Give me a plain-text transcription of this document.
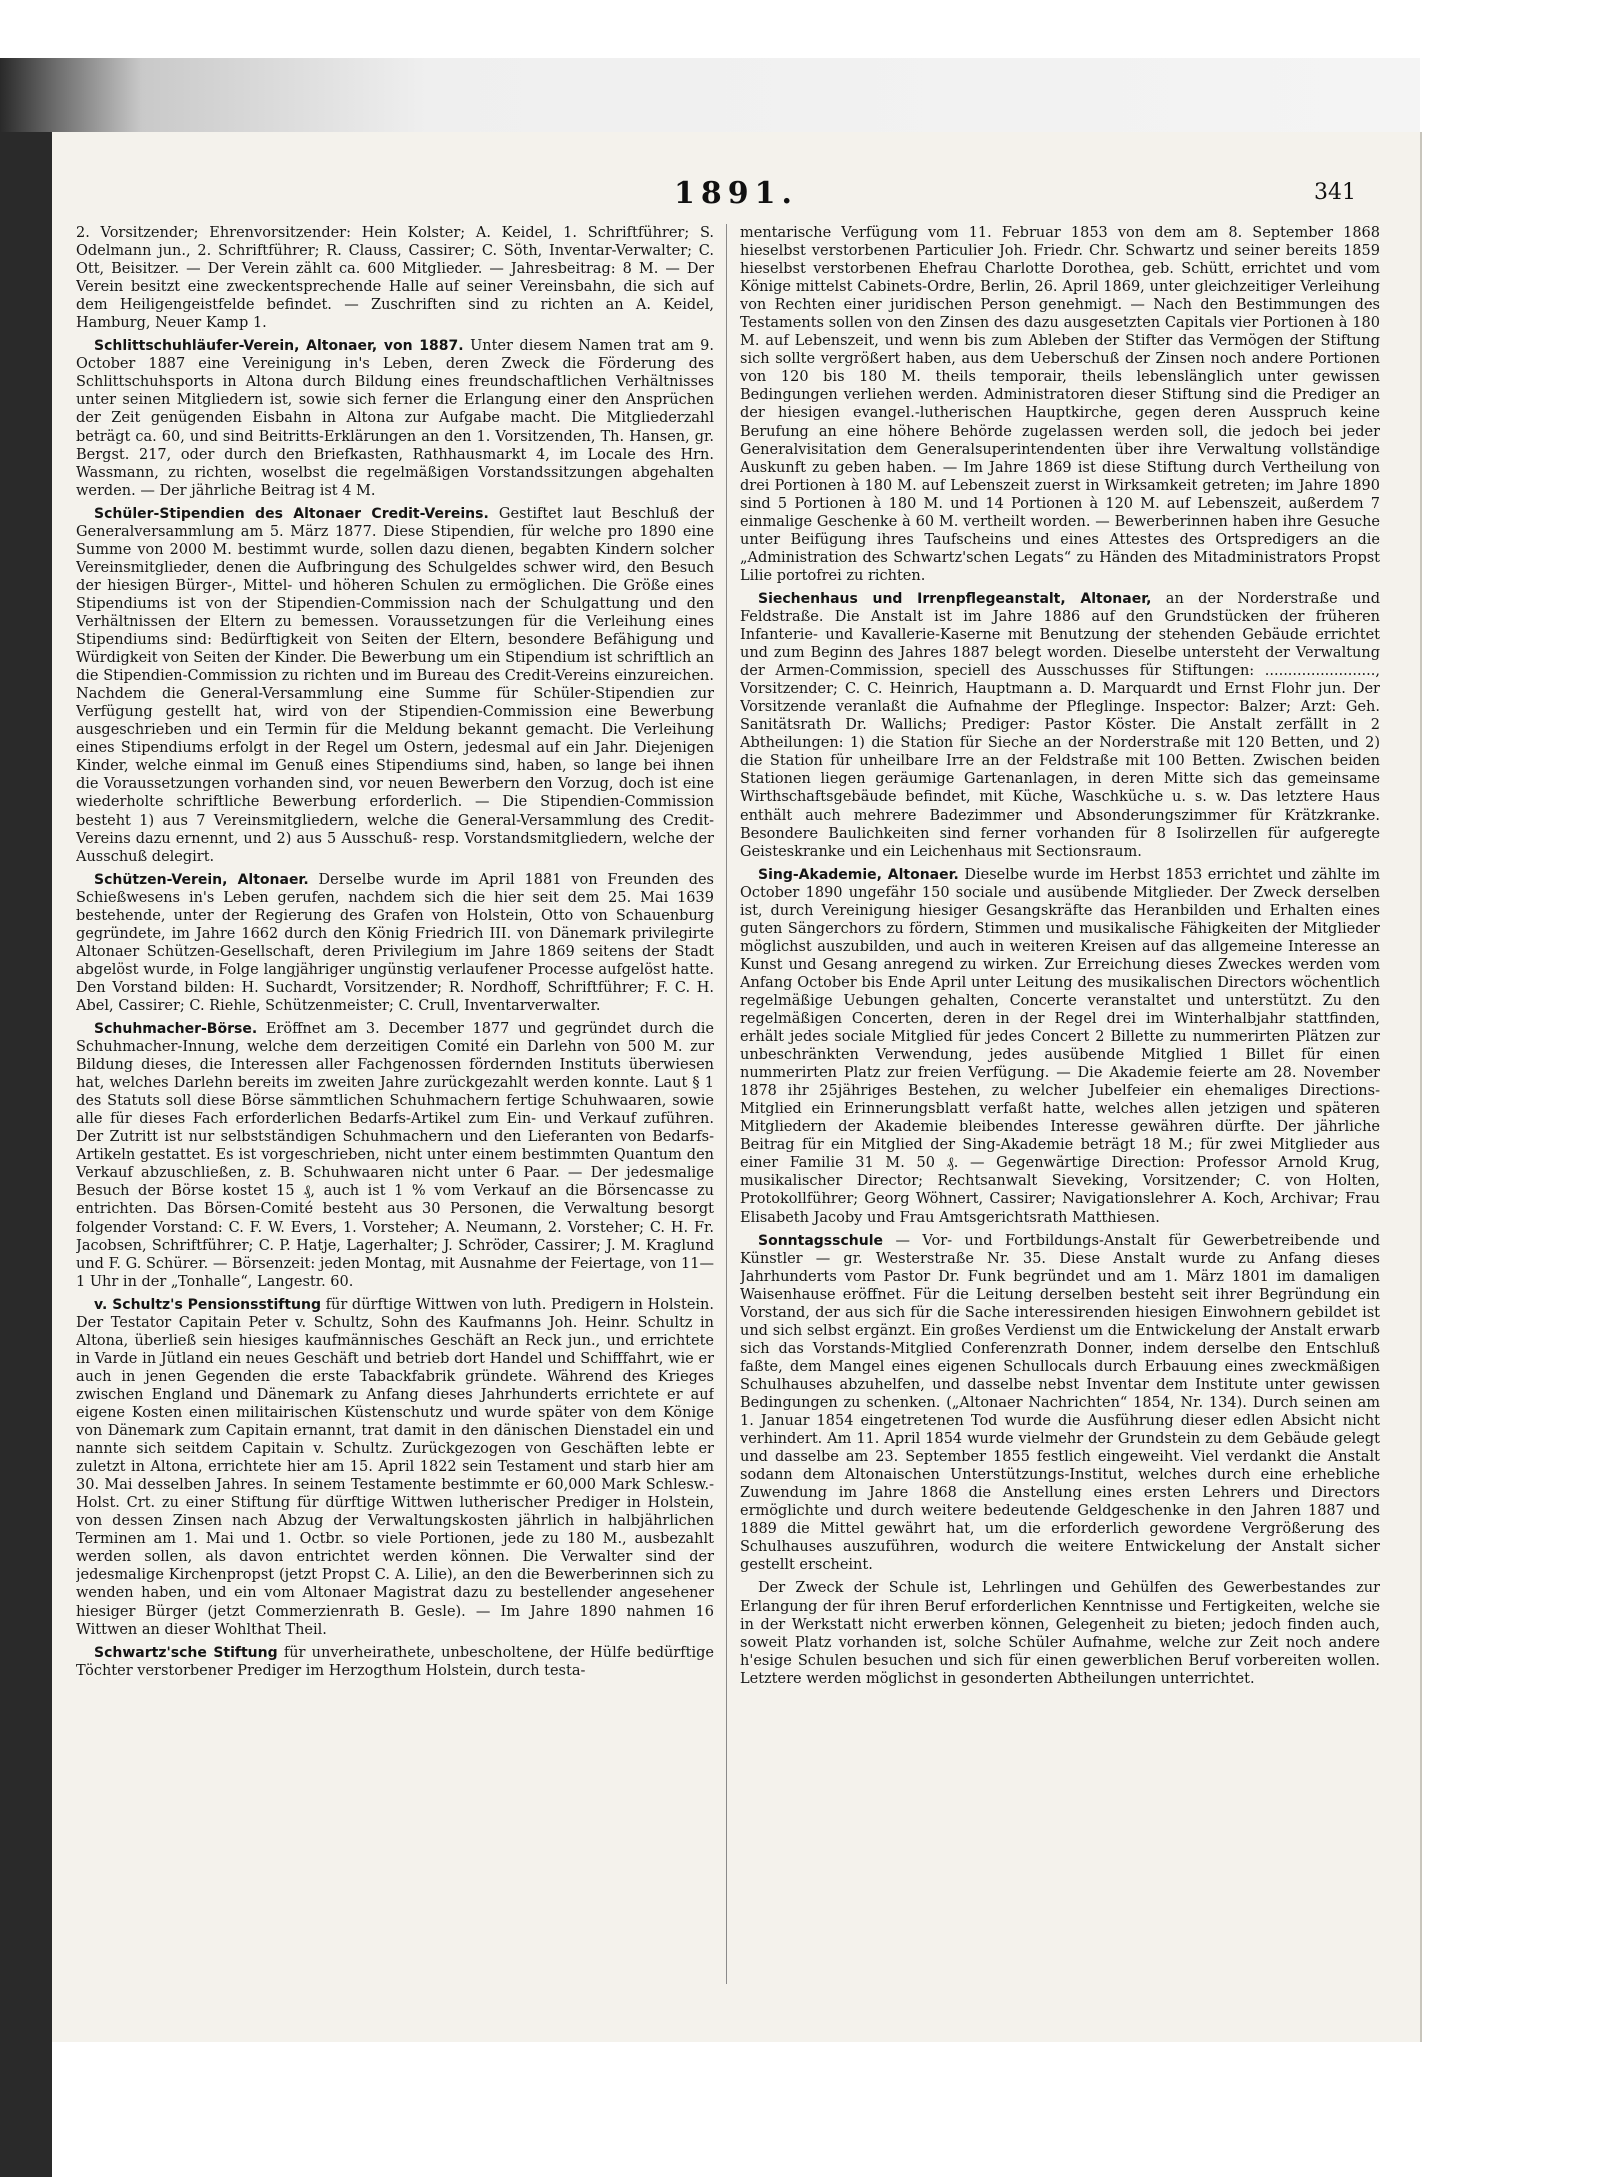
1891.	341

2. Vorsitzender; Ehrenvorsitzender: Hein Kolster; A. Keidel, 1. Schriftführer; S. Odelmann jun., 2. Schriftführer; R. Clauss, Cassirer; C. Söth, Inventar-Verwalter; C. Ott, Beisitzer. — Der Verein zählt ca. 600 Mitglieder. — Jahresbeitrag: 8 M. — Der Verein besitzt eine zweckentsprechende Halle auf seiner Vereinsbahn, die sich auf dem Heiligengeistfelde befindet. — Zuschriften sind zu richten an A. Keidel, Hamburg, Neuer Kamp 1.

Schlittschuhläufer-Verein, Altonaer, von 1887. Unter diesem Namen trat am 9. October 1887 eine Vereinigung in's Leben, deren Zweck die Förderung des Schlittschuhsports in Altona durch Bildung eines freundschaftlichen Verhältnisses unter seinen Mitgliedern ist, sowie sich ferner die Erlangung einer den Ansprüchen der Zeit genügenden Eisbahn in Altona zur Aufgabe macht. Die Mitgliederzahl beträgt ca. 60, und sind Beitritts-Erklärungen an den 1. Vorsitzenden, Th. Hansen, gr. Bergst. 217, oder durch den Briefkasten, Rathhausmarkt 4, im Locale des Hrn. Wassmann, zu richten, woselbst die regelmäßigen Vorstandssitzungen abgehalten werden. — Der jährliche Beitrag ist 4 M.

Schüler-Stipendien des Altonaer Credit-Vereins. Gestiftet laut Beschluß der Generalversammlung am 5. März 1877. Diese Stipendien, für welche pro 1890 eine Summe von 2000 M. bestimmt wurde, sollen dazu dienen, begabten Kindern solcher Vereinsmitglieder, denen die Aufbringung des Schulgeldes schwer wird, den Besuch der hiesigen Bürger-, Mittel- und höheren Schulen zu ermöglichen. Die Größe eines Stipendiums ist von der Stipendien-Commission nach der Schulgattung und den Verhältnissen der Eltern zu bemessen. Voraussetzungen für die Verleihung eines Stipendiums sind: Bedürftigkeit von Seiten der Eltern, besondere Befähigung und Würdigkeit von Seiten der Kinder. Die Bewerbung um ein Stipendium ist schriftlich an die Stipendien-Commission zu richten und im Bureau des Credit-Vereins einzureichen. Nachdem die General-Versammlung eine Summe für Schüler-Stipendien zur Verfügung gestellt hat, wird von der Stipendien-Commission eine Bewerbung ausgeschrieben und ein Termin für die Meldung bekannt gemacht. Die Verleihung eines Stipendiums erfolgt in der Regel um Ostern, jedesmal auf ein Jahr. Diejenigen Kinder, welche einmal im Genuß eines Stipendiums sind, haben, so lange bei ihnen die Voraussetzungen vorhanden sind, vor neuen Bewerbern den Vorzug, doch ist eine wiederholte schriftliche Bewerbung erforderlich. — Die Stipendien-Commission besteht 1) aus 7 Vereinsmitgliedern, welche die General-Versammlung des Credit-Vereins dazu ernennt, und 2) aus 5 Ausschuß- resp. Vorstandsmitgliedern, welche der Ausschuß delegirt.

Schützen-Verein, Altonaer. Derselbe wurde im April 1881 von Freunden des Schießwesens in's Leben gerufen, nachdem sich die hier seit dem 25. Mai 1639 bestehende, unter der Regierung des Grafen von Holstein, Otto von Schauenburg gegründete, im Jahre 1662 durch den König Friedrich III. von Dänemark privilegirte Altonaer Schützen-Gesellschaft, deren Privilegium im Jahre 1869 seitens der Stadt abgelöst wurde, in Folge langjähriger ungünstig verlaufener Processe aufgelöst hatte. Den Vorstand bilden: H. Suchardt, Vorsitzender; R. Nordhoff, Schriftführer; F. C. H. Abel, Cassirer; C. Riehle, Schützenmeister; C. Crull, Inventarverwalter.

Schuhmacher-Börse. Eröffnet am 3. December 1877 und gegründet durch die Schuhmacher-Innung, welche dem derzeitigen Comité ein Darlehn von 500 M. zur Bildung dieses, die Interessen aller Fachgenossen fördernden Instituts überwiesen hat, welches Darlehn bereits im zweiten Jahre zurückgezahlt werden konnte. Laut § 1 des Statuts soll diese Börse sämmtlichen Schuhmachern fertige Schuhwaaren, sowie alle für dieses Fach erforderlichen Bedarfs-Artikel zum Ein- und Verkauf zuführen. Der Zutritt ist nur selbstständigen Schuhmachern und den Lieferanten von Bedarfs-Artikeln gestattet. Es ist vorgeschrieben, nicht unter einem bestimmten Quantum den Verkauf abzuschließen, z. B. Schuhwaaren nicht unter 6 Paar. — Der jedesmalige Besuch der Börse kostet 15 ₰, auch ist 1 % vom Verkauf an die Börsencasse zu entrichten. Das Börsen-Comité besteht aus 30 Personen, die Verwaltung besorgt folgender Vorstand: C. F. W. Evers, 1. Vorsteher; A. Neumann, 2. Vorsteher; C. H. Fr. Jacobsen, Schriftführer; C. P. Hatje, Lagerhalter; J. Schröder, Cassirer; J. M. Kraglund und F. G. Schürer. — Börsenzeit: jeden Montag, mit Ausnahme der Feiertage, von 11—1 Uhr in der „Tonhalle“, Langestr. 60.

v. Schultz's Pensionsstiftung für dürftige Wittwen von luth. Predigern in Holstein. Der Testator Capitain Peter v. Schultz, Sohn des Kaufmanns Joh. Heinr. Schultz in Altona, überließ sein hiesiges kaufmännisches Geschäft an Reck jun., und errichtete in Varde in Jütland ein neues Geschäft und betrieb dort Handel und Schifffahrt, wie er auch in jenen Gegenden die erste Tabackfabrik gründete. Während des Krieges zwischen England und Dänemark zu Anfang dieses Jahrhunderts errichtete er auf eigene Kosten einen militairischen Küstenschutz und wurde später von dem Könige von Dänemark zum Capitain ernannt, trat damit in den dänischen Dienstadel ein und nannte sich seitdem Capitain v. Schultz. Zurückgezogen von Geschäften lebte er zuletzt in Altona, errichtete hier am 15. April 1822 sein Testament und starb hier am 30. Mai desselben Jahres. In seinem Testamente bestimmte er 60,000 Mark Schlesw.-Holst. Crt. zu einer Stiftung für dürftige Wittwen lutherischer Prediger in Holstein, von dessen Zinsen nach Abzug der Verwaltungskosten jährlich in halbjährlichen Terminen am 1. Mai und 1. Octbr. so viele Portionen, jede zu 180 M., ausbezahlt werden sollen, als davon entrichtet werden können. Die Verwalter sind der jedesmalige Kirchenpropst (jetzt Propst C. A. Lilie), an den die Bewerberinnen sich zu wenden haben, und ein vom Altonaer Magistrat dazu zu bestellender angesehener hiesiger Bürger (jetzt Commerzienrath B. Gesle). — Im Jahre 1890 nahmen 16 Wittwen an dieser Wohlthat Theil.

Schwartz'sche Stiftung für unverheirathete, unbescholtene, der Hülfe bedürftige Töchter verstorbener Prediger im Herzogthum Holstein, durch testa-

mentarische Verfügung vom 11. Februar 1853 von dem am 8. September 1868 hieselbst verstorbenen Particulier Joh. Friedr. Chr. Schwartz und seiner bereits 1859 hieselbst verstorbenen Ehefrau Charlotte Dorothea, geb. Schütt, errichtet und vom Könige mittelst Cabinets-Ordre, Berlin, 26. April 1869, unter gleichzeitiger Verleihung von Rechten einer juridischen Person genehmigt. — Nach den Bestimmungen des Testaments sollen von den Zinsen des dazu ausgesetzten Capitals vier Portionen à 180 M. auf Lebenszeit, und wenn bis zum Ableben der Stifter das Vermögen der Stiftung sich sollte vergrößert haben, aus dem Ueberschuß der Zinsen noch andere Portionen von 120 bis 180 M. theils temporair, theils lebenslänglich unter gewissen Bedingungen verliehen werden. Administratoren dieser Stiftung sind die Prediger an der hiesigen evangel.-lutherischen Hauptkirche, gegen deren Ausspruch keine Berufung an eine höhere Behörde zugelassen werden soll, die jedoch bei jeder Generalvisitation dem Generalsuperintendenten über ihre Verwaltung vollständige Auskunft zu geben haben. — Im Jahre 1869 ist diese Stiftung durch Vertheilung von drei Portionen à 180 M. auf Lebenszeit zuerst in Wirksamkeit getreten; im Jahre 1890 sind 5 Portionen à 180 M. und 14 Portionen à 120 M. auf Lebenszeit, außerdem 7 einmalige Geschenke à 60 M. vertheilt worden. — Bewerberinnen haben ihre Gesuche unter Beifügung ihres Taufscheins und eines Attestes des Ortspredigers an die „Administration des Schwartz'schen Legats“ zu Händen des Mitadministrators Propst Lilie portofrei zu richten.

Siechenhaus und Irrenpflegeanstalt, Altonaer, an der Norderstraße und Feldstraße. Die Anstalt ist im Jahre 1886 auf den Grundstücken der früheren Infanterie- und Kavallerie-Kaserne mit Benutzung der stehenden Gebäude errichtet und zum Beginn des Jahres 1887 belegt worden. Dieselbe untersteht der Verwaltung der Armen-Commission, speciell des Ausschusses für Stiftungen: ........................, Vorsitzender; C. C. Heinrich, Hauptmann a. D. Marquardt und Ernst Flohr jun. Der Vorsitzende veranlaßt die Aufnahme der Pfleglinge. Inspector: Balzer; Arzt: Geh. Sanitätsrath Dr. Wallichs; Prediger: Pastor Köster. Die Anstalt zerfällt in 2 Abtheilungen: 1) die Station für Sieche an der Norderstraße mit 120 Betten, und 2) die Station für unheilbare Irre an der Feldstraße mit 100 Betten. Zwischen beiden Stationen liegen geräumige Gartenanlagen, in deren Mitte sich das gemeinsame Wirthschaftsgebäude befindet, mit Küche, Waschküche u. s. w. Das letztere Haus enthält auch mehrere Badezimmer und Absonderungszimmer für Krätzkranke. Besondere Baulichkeiten sind ferner vorhanden für 8 Isolirzellen für aufgeregte Geisteskranke und ein Leichenhaus mit Sectionsraum.

Sing-Akademie, Altonaer. Dieselbe wurde im Herbst 1853 errichtet und zählte im October 1890 ungefähr 150 sociale und ausübende Mitglieder. Der Zweck derselben ist, durch Vereinigung hiesiger Gesangskräfte das Heranbilden und Erhalten eines guten Sängerchors zu fördern, Stimmen und musikalische Fähigkeiten der Mitglieder möglichst auszubilden, und auch in weiteren Kreisen auf das allgemeine Interesse an Kunst und Gesang anregend zu wirken. Zur Erreichung dieses Zweckes werden vom Anfang October bis Ende April unter Leitung des musikalischen Directors wöchentlich regelmäßige Uebungen gehalten, Concerte veranstaltet und unterstützt. Zu den regelmäßigen Concerten, deren in der Regel drei im Winterhalbjahr stattfinden, erhält jedes sociale Mitglied für jedes Concert 2 Billette zu nummerirten Plätzen zur unbeschränkten Verwendung, jedes ausübende Mitglied 1 Billet für einen nummerirten Platz zur freien Verfügung. — Die Akademie feierte am 28. November 1878 ihr 25jähriges Bestehen, zu welcher Jubelfeier ein ehemaliges Directions-Mitglied ein Erinnerungsblatt verfaßt hatte, welches allen jetzigen und späteren Mitgliedern der Akademie bleibendes Interesse gewähren dürfte. Der jährliche Beitrag für ein Mitglied der Sing-Akademie beträgt 18 M.; für zwei Mitglieder aus einer Familie 31 M. 50 ₰. — Gegenwärtige Direction: Professor Arnold Krug, musikalischer Director; Rechtsanwalt Sieveking, Vorsitzender; C. von Holten, Protokollführer; Georg Wöhnert, Cassirer; Navigationslehrer A. Koch, Archivar; Frau Elisabeth Jacoby und Frau Amtsgerichtsrath Matthiesen.

Sonntagsschule — Vor- und Fortbildungs-Anstalt für Gewerbetreibende und Künstler — gr. Westerstraße Nr. 35. Diese Anstalt wurde zu Anfang dieses Jahrhunderts vom Pastor Dr. Funk begründet und am 1. März 1801 im damaligen Waisenhause eröffnet. Für die Leitung derselben besteht seit ihrer Begründung ein Vorstand, der aus sich für die Sache interessirenden hiesigen Einwohnern gebildet ist und sich selbst ergänzt. Ein großes Verdienst um die Entwickelung der Anstalt erwarb sich das Vorstands-Mitglied Conferenzrath Donner, indem derselbe den Entschluß faßte, dem Mangel eines eigenen Schullocals durch Erbauung eines zweckmäßigen Schulhauses abzuhelfen, und dasselbe nebst Inventar dem Institute unter gewissen Bedingungen zu schenken. („Altonaer Nachrichten“ 1854, Nr. 134). Durch seinen am 1. Januar 1854 eingetretenen Tod wurde die Ausführung dieser edlen Absicht nicht verhindert. Am 11. April 1854 wurde vielmehr der Grundstein zu dem Gebäude gelegt und dasselbe am 23. September 1855 festlich eingeweiht. Viel verdankt die Anstalt sodann dem Altonaischen Unterstützungs-Institut, welches durch eine erhebliche Zuwendung im Jahre 1868 die Anstellung eines ersten Lehrers und Directors ermöglichte und durch weitere bedeutende Geldgeschenke in den Jahren 1887 und 1889 die Mittel gewährt hat, um die erforderlich gewordene Vergrößerung des Schulhauses auszuführen, wodurch die weitere Entwickelung der Anstalt sicher gestellt erscheint.

Der Zweck der Schule ist, Lehrlingen und Gehülfen des Gewerbestandes zur Erlangung der für ihren Beruf erforderlichen Kenntnisse und Fertigkeiten, welche sie in der Werkstatt nicht erwerben können, Gelegenheit zu bieten; jedoch finden auch, soweit Platz vorhanden ist, solche Schüler Aufnahme, welche zur Zeit noch andere h'esige Schulen besuchen und sich für einen gewerblichen Beruf vorbereiten wollen. Letztere werden möglichst in gesonderten Abtheilungen unterrichtet.
